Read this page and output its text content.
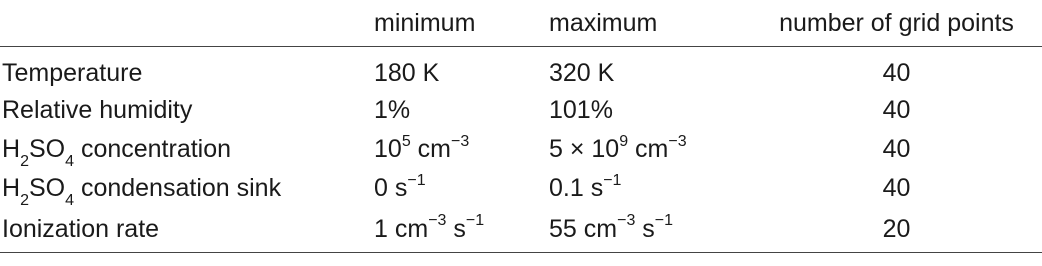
	minimum	maximum	number of grid points
Temperature	180 K	320 K	40
Relative humidity	1%	101%	40
$H_2SO_4$ concentration	$10^5$ $cm^{-3}$	$5 \times 10^9$ $cm^{-3}$	40
$H_2SO_4$ condensation sink	0 $s^{-1}$	0.1 $s^{-1}$	40
Ionization rate	1 $cm^{-3}$ $s^{-1}$	55 $cm^{-3}$ $s^{-1}$	20
